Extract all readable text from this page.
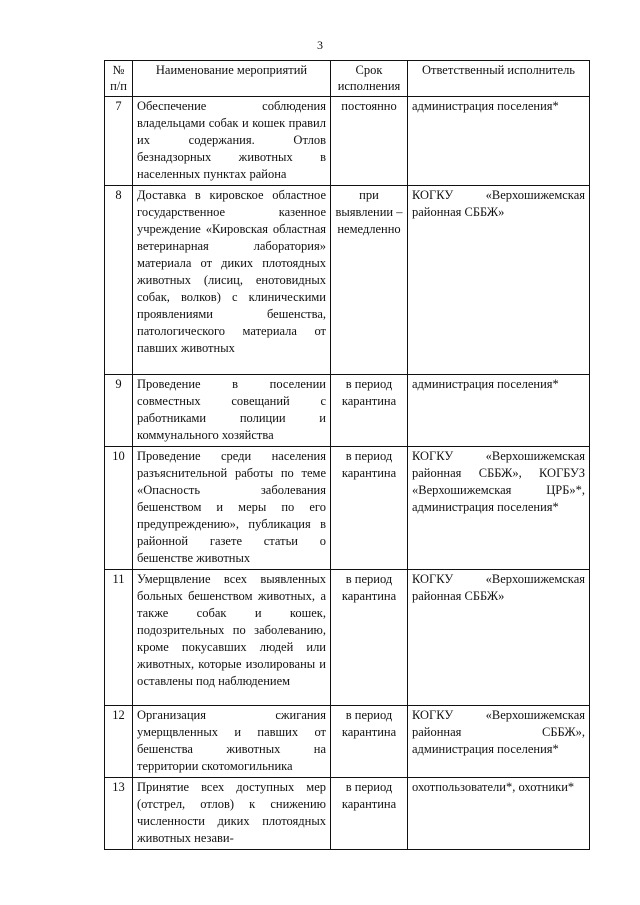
3
№ п/п	Наименование мероприятий	Срок исполнения	Ответственный исполнитель
7	Обеспечение соблюдения владельцами собак и кошек правил их содержания. Отлов безнадзорных животных в населенных пунктах района	постоянно	администрация поселения*
8	Доставка в кировское областное государственное казенное учреждение «Кировская областная ветеринарная лаборатория» материала от диких плотоядных животных (лисиц, енотовидных собак, волков) с клиническими проявлениями бешенства, патологического материала от павших животных	при выявлении – немедленно	КОГКУ «Верхошижемская районная СББЖ»
9	Проведение в поселении совместных совещаний с работниками полиции и коммунального хозяйства	в период карантина	администрация поселения*
10	Проведение среди населения разъяснительной работы по теме «Опасность заболевания бешенством и меры по его предупреждению», публикация в районной газете статьи о бешенстве животных	в период карантина	КОГКУ «Верхошижемская районная СББЖ», КОГБУЗ «Верхошижемская ЦРБ»*, администрация поселения*
11	Умерщвление всех выявленных больных бешенством животных, а также собак и кошек, подозрительных по заболеванию, кроме покусавших людей или животных, которые изолированы и оставлены под наблюдением	в период карантина	КОГКУ «Верхошижемская районная СББЖ»
12	Организация сжигания умерщвленных и павших от бешенства животных на территории скотомогильника	в период карантина	КОГКУ «Верхошижемская районная СББЖ», администрация поселения*
13	Принятие всех доступных мер (отстрел, отлов) к снижению численности диких плотоядных животных незави-	в период карантина	охотпользователи*, охотники*
